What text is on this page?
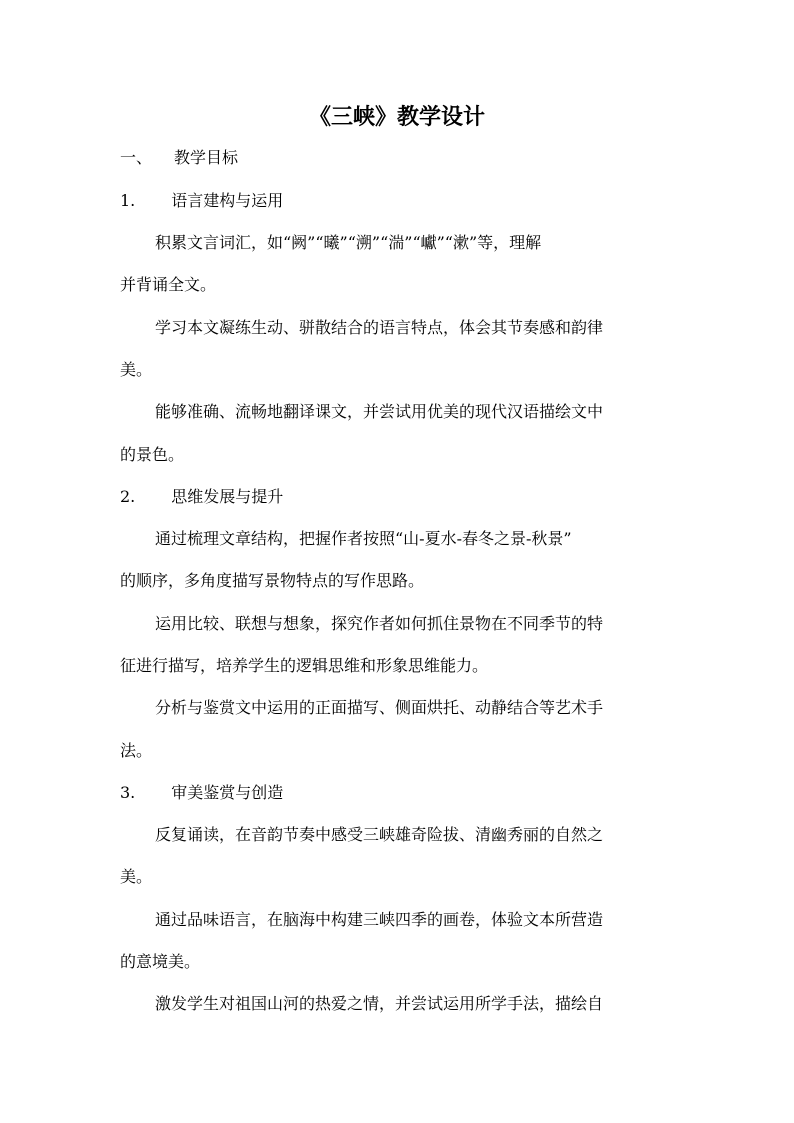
《三峡》教学设计
一、 教学目标
1. 语言建构与运用
积累文言词汇，如“阙”“曦”“溯”“湍”“巘”“漱”等，理解
并背诵全文。
学习本文凝练生动、骈散结合的语言特点，体会其节奏感和韵律
美。
能够准确、流畅地翻译课文，并尝试用优美的现代汉语描绘文中
的景色。
2. 思维发展与提升
通过梳理文章结构，把握作者按照“山-夏水-春冬之景-秋景”
的顺序，多角度描写景物特点的写作思路。
运用比较、联想与想象，探究作者如何抓住景物在不同季节的特
征进行描写，培养学生的逻辑思维和形象思维能力。
分析与鉴赏文中运用的正面描写、侧面烘托、动静结合等艺术手
法。
3. 审美鉴赏与创造
反复诵读，在音韵节奏中感受三峡雄奇险拔、清幽秀丽的自然之
美。
通过品味语言，在脑海中构建三峡四季的画卷，体验文本所营造
的意境美。
激发学生对祖国山河的热爱之情，并尝试运用所学手法，描绘自
